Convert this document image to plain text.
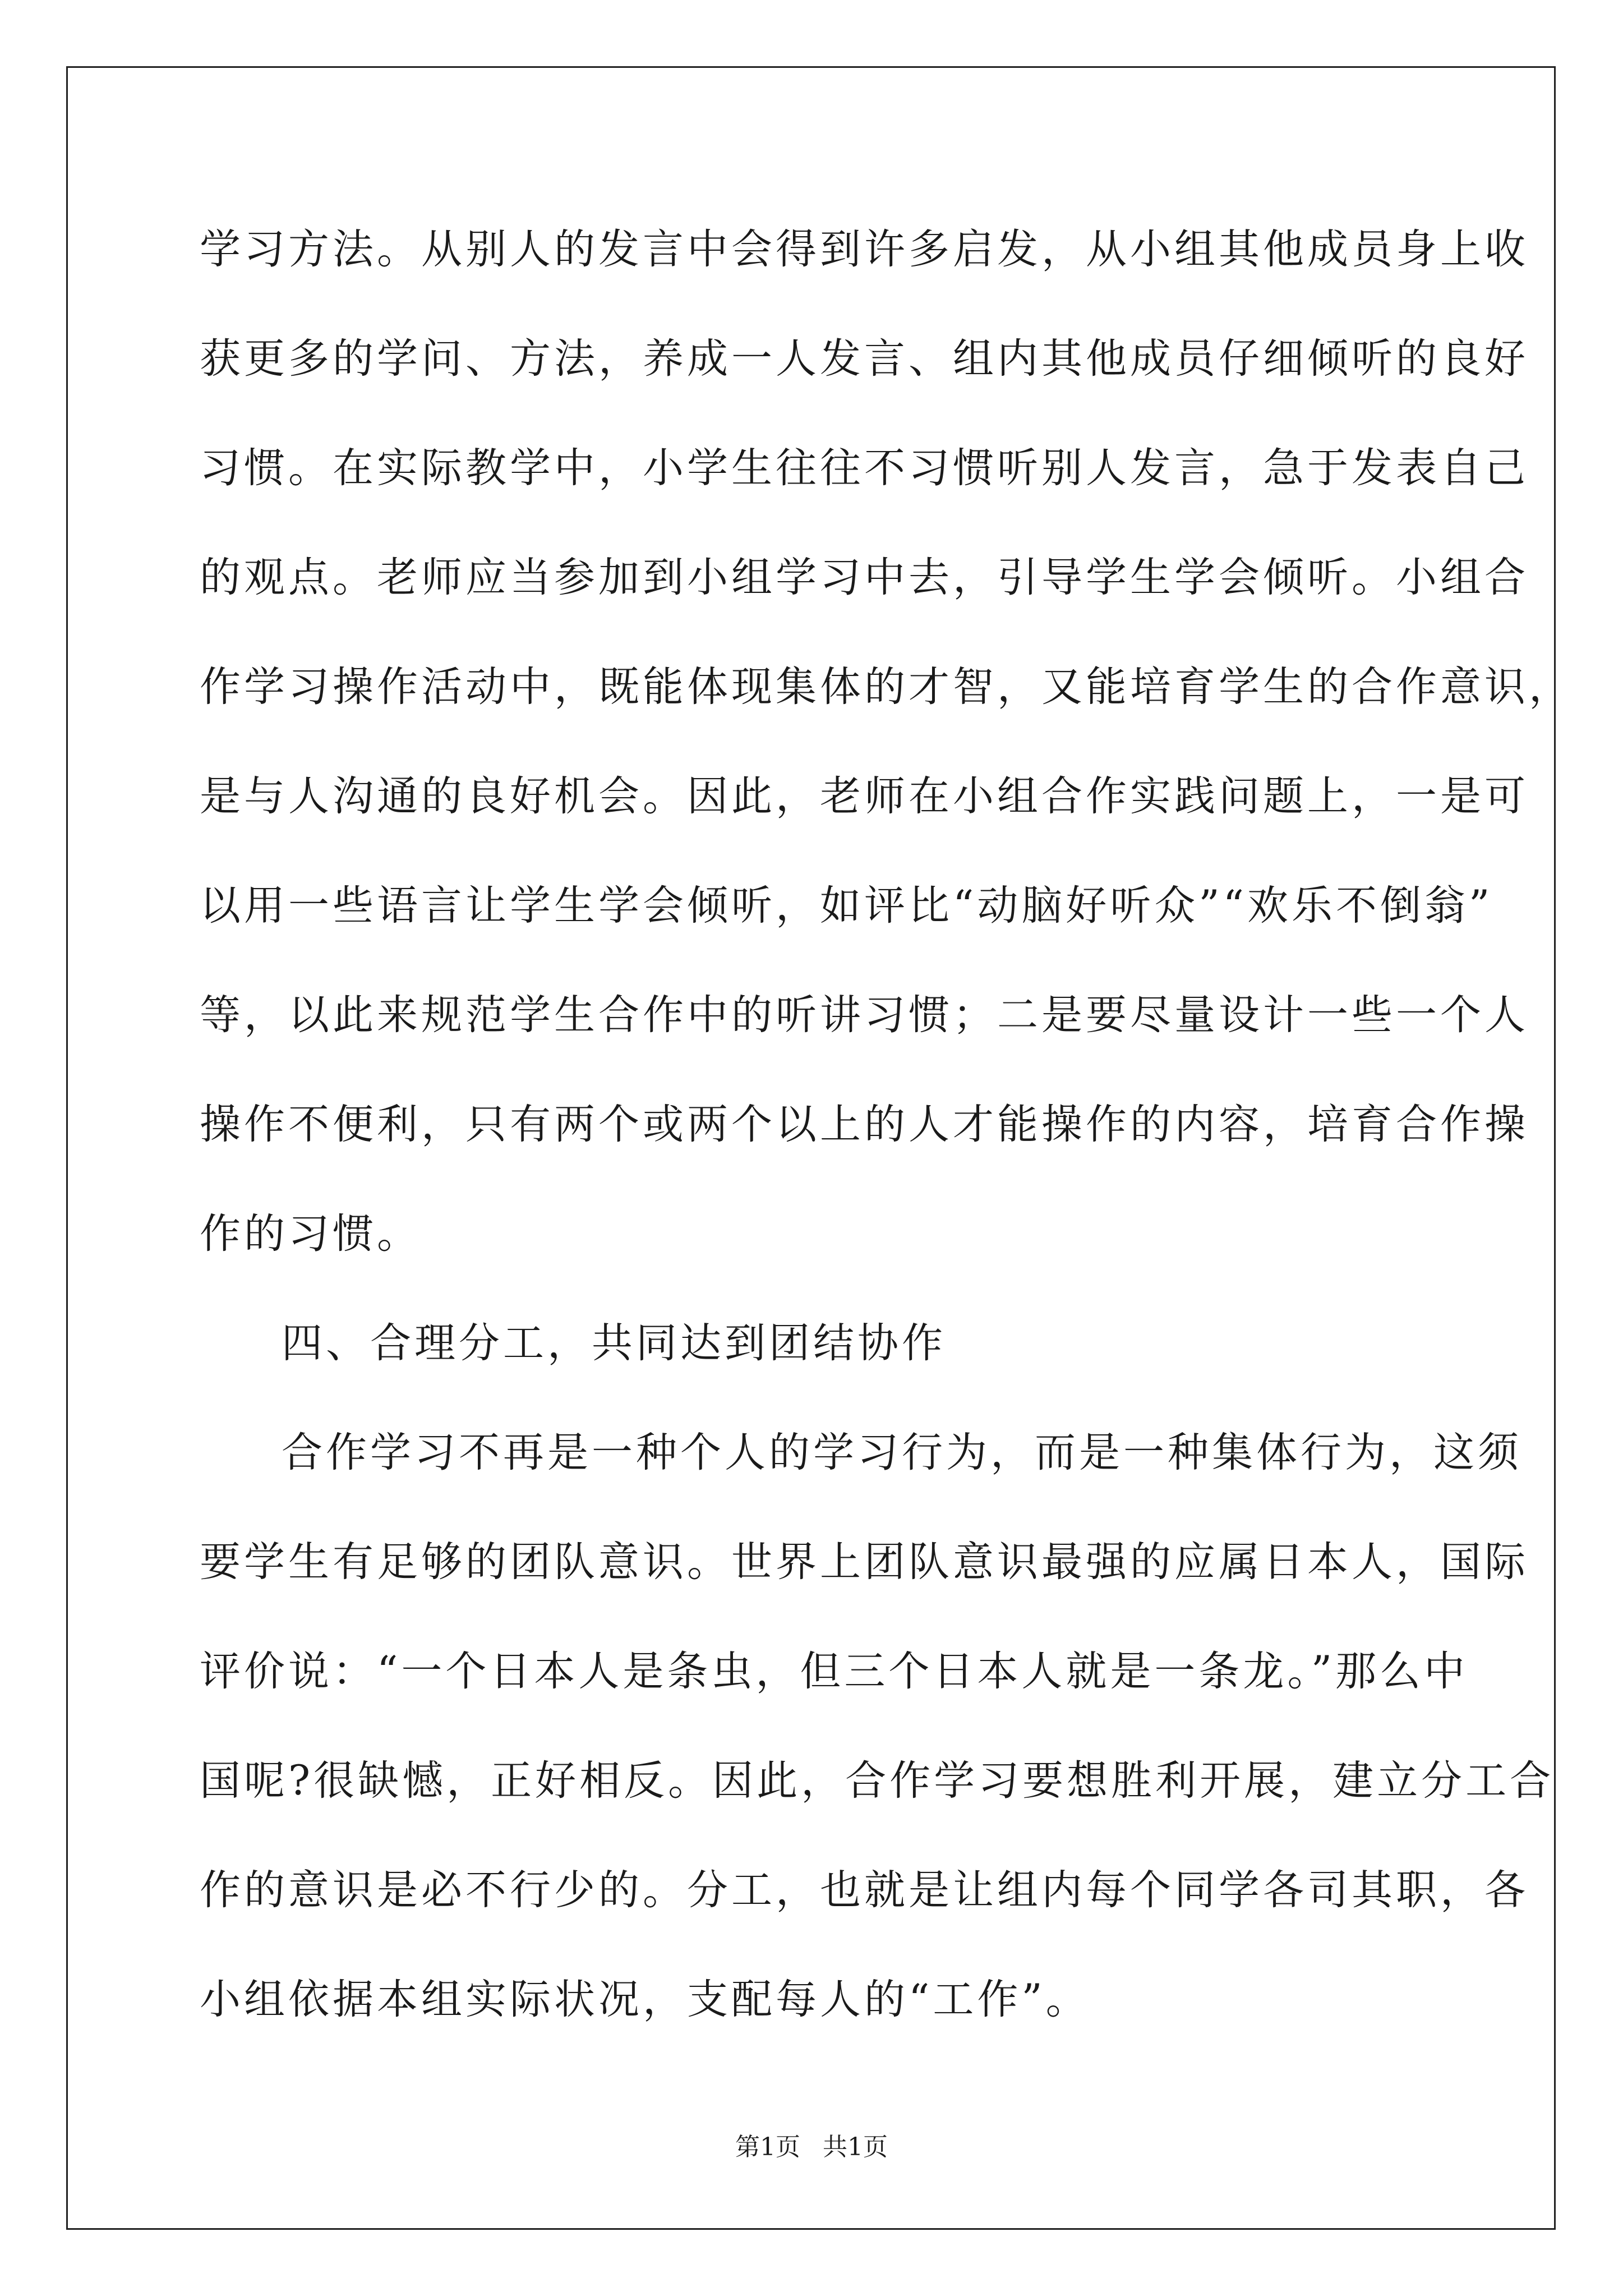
学习方法。从别人的发言中会得到许多启发，从小组其他成员身上收

获更多的学问、方法，养成一人发言、组内其他成员仔细倾听的良好

习惯。在实际教学中，小学生往往不习惯听别人发言，急于发表自己

的观点。老师应当参加到小组学习中去，引导学生学会倾听。小组合

作学习操作活动中，既能体现集体的才智，又能培育学生的合作意识，

是与人沟通的良好机会。因此，老师在小组合作实践问题上，一是可

以用一些语言让学生学会倾听，如评比“动脑好听众”“欢乐不倒翁”

等，以此来规范学生合作中的听讲习惯；二是要尽量设计一些一个人

操作不便利，只有两个或两个以上的人才能操作的内容，培育合作操

作的习惯。

四、合理分工，共同达到团结协作

合作学习不再是一种个人的学习行为，而是一种集体行为，这须

要学生有足够的团队意识。世界上团队意识最强的应属日本人，国际

评价说：“一个日本人是条虫，但三个日本人就是一条龙。”那么中

国呢?很缺憾，正好相反。因此，合作学习要想胜利开展，建立分工合

作的意识是必不行少的。分工，也就是让组内每个同学各司其职，各

小组依据本组实际状况，支配每人的“工作”。

第1页 共1页
